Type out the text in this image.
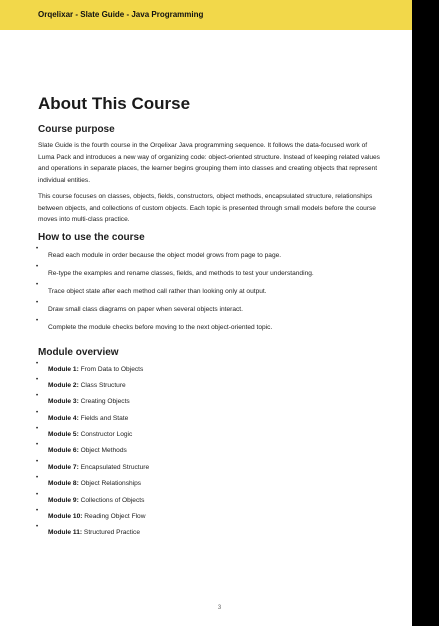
Orqelixar - Slate Guide - Java Programming
About This Course
Course purpose

Slate Guide is the fourth course in the Orqelixar Java programming sequence. It follows the data-focused work of Luma Pack and introduces a new way of organizing code: object-oriented structure. Instead of keeping related values and operations in separate places, the learner begins grouping them into classes and creating objects that represent individual entities.

This course focuses on classes, objects, fields, constructors, object methods, encapsulated structure, relationships between objects, and collections of custom objects. Each topic is presented through small models before the course moves into multi-class practice.

How to use the course
•
Read each module in order because the object model grows from page to page.
•
Re-type the examples and rename classes, fields, and methods to test your understanding.
•
Trace object state after each method call rather than looking only at output.
•
Draw small class diagrams on paper when several objects interact.
•
Complete the module checks before moving to the next object-oriented topic.
Module overview
•
Module 1: From Data to Objects
•
Module 2: Class Structure
•
Module 3: Creating Objects
•
Module 4: Fields and State
•
Module 5: Constructor Logic
•
Module 6: Object Methods
•
Module 7: Encapsulated Structure
•
Module 8: Object Relationships
•
Module 9: Collections of Objects
•
Module 10: Reading Object Flow
•
Module 11: Structured Practice
3
